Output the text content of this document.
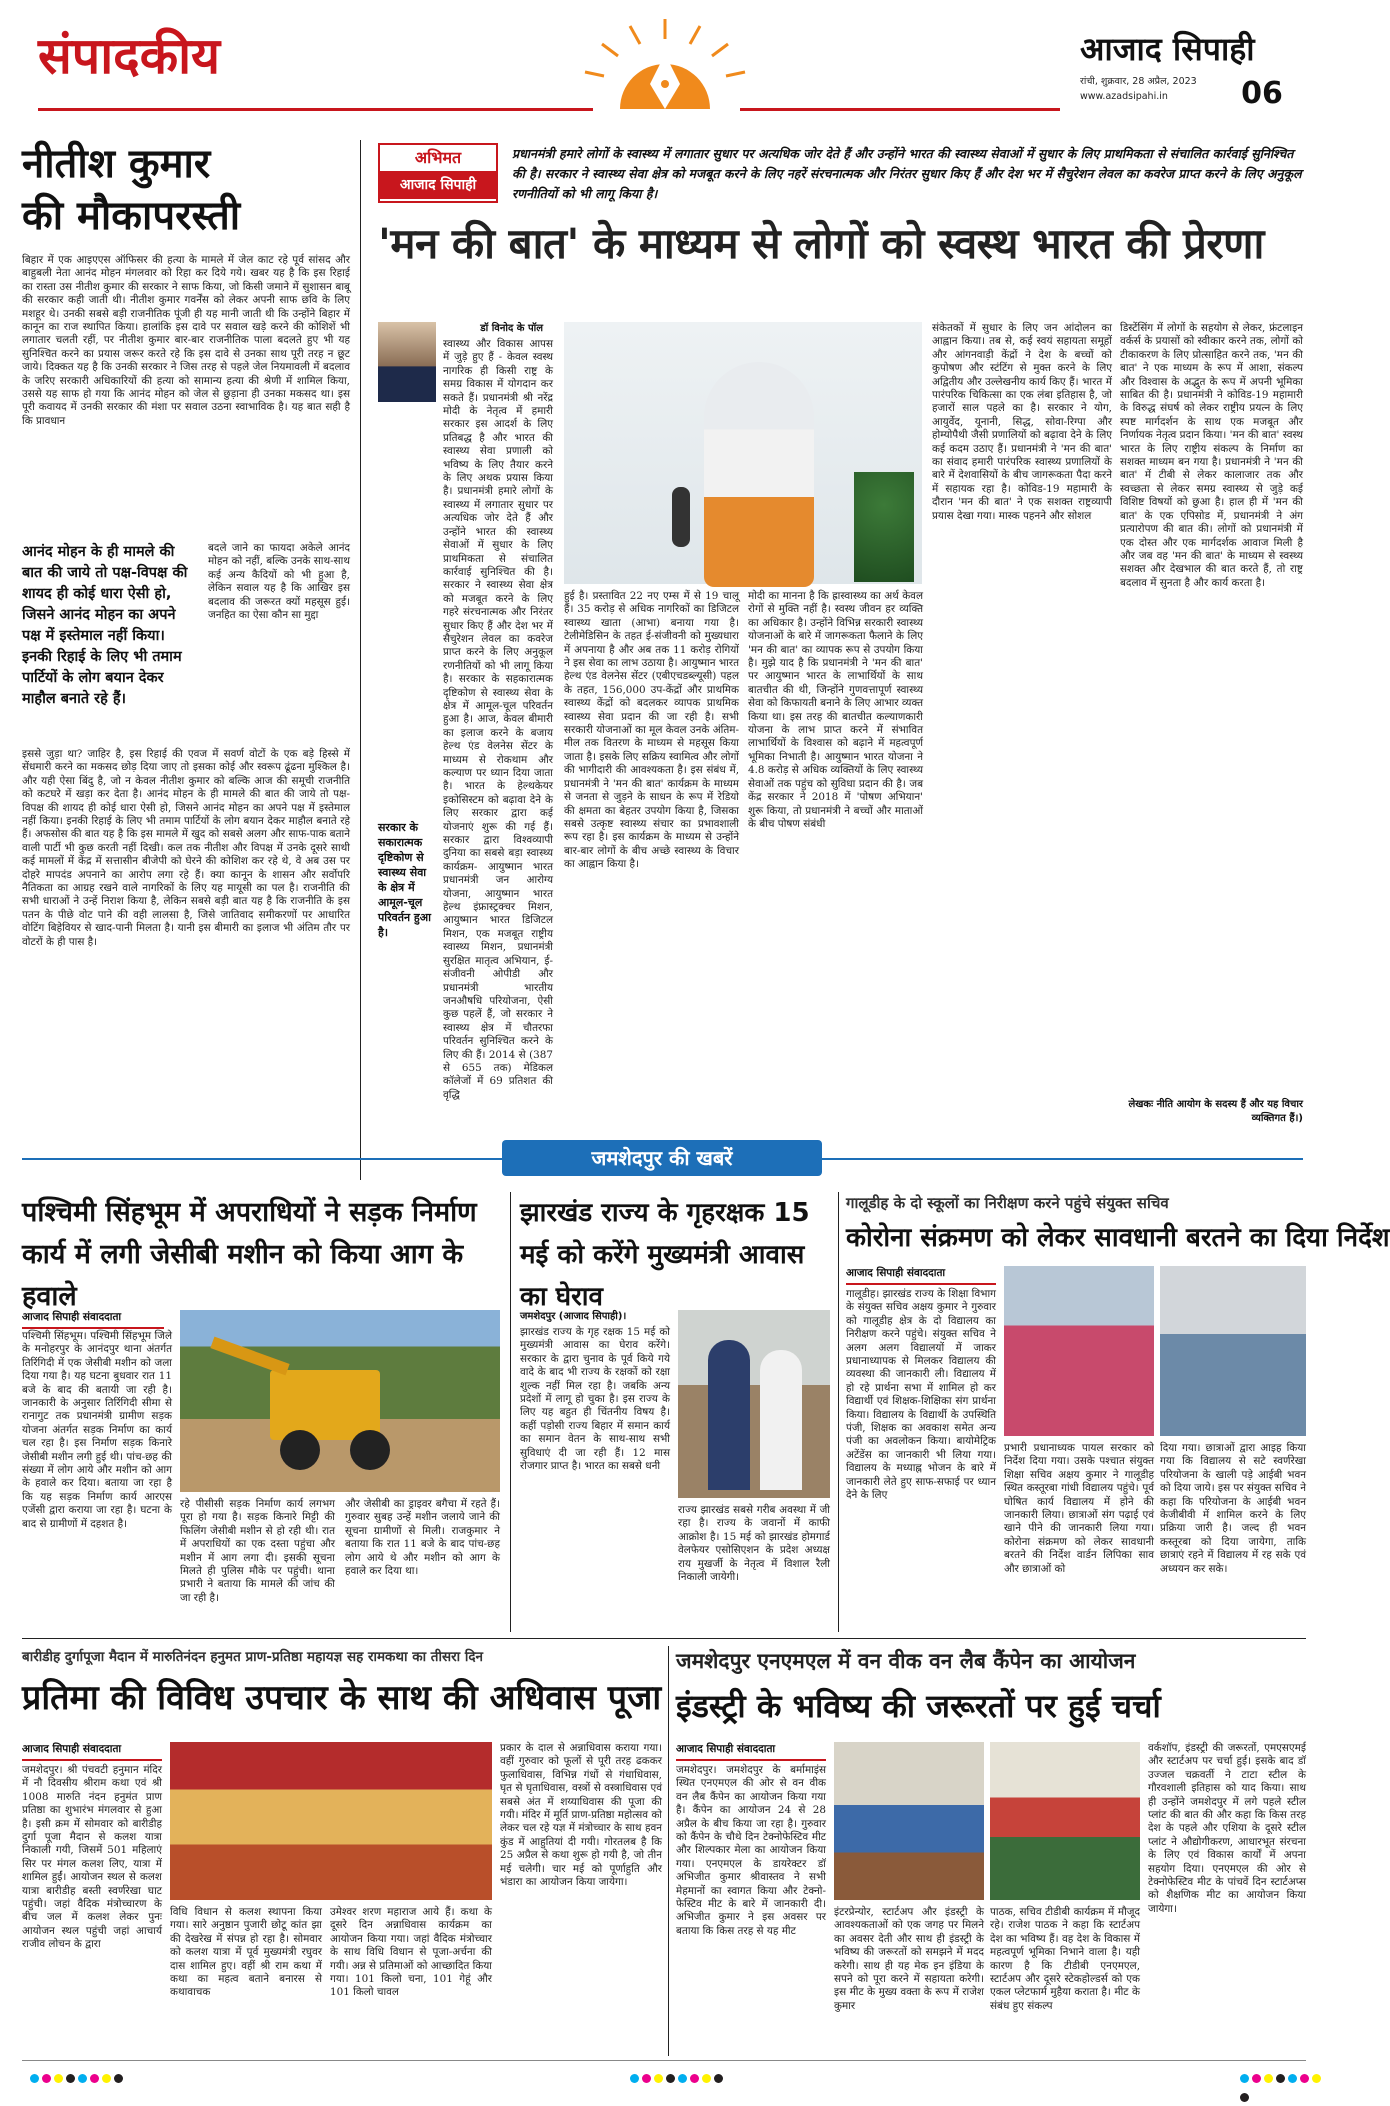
संपादकीय	आजाद सिपाही
रांची, शुक्रवार, 28 अप्रैल, 2023
www.azadsipahi.in 06
नीतीश कुमार
की मौकापरस्ती
बिहार में एक आइएएस ऑफिसर की हत्या के मामले में जेल काट रहे पूर्व सांसद और बाहुबली नेता आनंद मोहन मंगलवार को रिहा कर दिये गये। खबर यह है कि इस रिहाई का रास्ता उस नीतीश कुमार की सरकार ने साफ किया, जो किसी जमाने में सुशासन बाबू की सरकार कही जाती थी। नीतीश कुमार गवर्नेंस को लेकर अपनी साफ छवि के लिए मशहूर थे। उनकी सबसे बड़ी राजनीतिक पूंजी ही यह मानी जाती थी कि उन्होंने बिहार में कानून का राज स्थापित किया। हालांकि इस दावे पर सवाल खड़े करने की कोशिशें भी लगातार चलती रहीं, पर नीतीश कुमार बार-बार राजनीतिक पाला बदलते हुए भी यह सुनिश्चित करने का प्रयास जरूर करते रहे कि इस दावे से उनका साथ पूरी तरह न छूट जाये। दिक्कत यह है कि उनकी सरकार ने जिस तरह से पहले जेल नियमावली में बदलाव के जरिए सरकारी अधिकारियों की हत्या को सामान्य हत्या की श्रेणी में शामिल किया, उससे यह साफ हो गया कि आनंद मोहन को जेल से छुड़ाना ही उनका मकसद था। इस पूरी कवायद में उनकी सरकार की मंशा पर सवाल उठना स्वाभाविक है। यह बात सही है कि प्रावधान
आनंद मोहन के ही मामले की बात की जाये तो पक्ष-विपक्ष की शायद ही कोई धारा ऐसी हो, जिसने आनंद मोहन का अपने पक्ष में इस्तेमाल नहीं किया। इनकी रिहाई के लिए भी तमाम पार्टियों के लोग बयान देकर माहौल बनाते रहे हैं।
बदले जाने का फायदा अकेले आनंद मोहन को नहीं, बल्कि उनके साथ-साथ कई अन्य कैदियों को भी हुआ है, लेकिन सवाल यह है कि आखिर इस बदलाव की जरूरत क्यों महसूस हुई। जनहित का ऐसा कौन सा मुद्दा
इससे जुड़ा था? जाहिर है, इस रिहाई की एवज में सवर्ण वोटों के एक बड़े हिस्से में सेंधमारी करने का मकसद छोड़ दिया जाए तो इसका कोई और स्वरूप ढूंढना मुश्किल है। और यही ऐसा बिंदु है, जो न केवल नीतीश कुमार को बल्कि आज की समूची राजनीति को कटघरे में खड़ा कर देता है। आनंद मोहन के ही मामले की बात की जाये तो पक्ष-विपक्ष की शायद ही कोई धारा ऐसी हो, जिसने आनंद मोहन का अपने पक्ष में इस्तेमाल नहीं किया। इनकी रिहाई के लिए भी तमाम पार्टियों के लोग बयान देकर माहौल बनाते रहे हैं। अफसोस की बात यह है कि इस मामले में खुद को सबसे अलग और साफ-पाक बताने वाली पार्टी भी कुछ करती नहीं दिखी। कल तक नीतीश और विपक्ष में उनके दूसरे साथी कई मामलों में केंद्र में सत्तासीन बीजेपी को घेरने की कोशिश कर रहे थे, वे अब उस पर दोहरे मापदंड अपनाने का आरोप लगा रहे हैं। क्या कानून के शासन और सर्वोपरि नैतिकता का आग्रह रखने वाले नागरिकों के लिए यह मायूसी का पल है। राजनीति की सभी धाराओं ने उन्हें निराश किया है, लेकिन सबसे बड़ी बात यह है कि राजनीति के इस पतन के पीछे वोट पाने की वही लालसा है, जिसे जातिवाद समीकरणों पर आधारित वोटिंग बिहेवियर से खाद-पानी मिलता है। यानी इस बीमारी का इलाज भी अंतिम तौर पर वोटरों के ही पास है।
अभिमत
आजाद सिपाही
प्रधानमंत्री हमारे लोगों के स्वास्थ्य में लगातार सुधार पर अत्यधिक जोर देते हैं और उन्होंने भारत की स्वास्थ्य सेवाओं में सुधार के लिए प्राथमिकता से संचालित कार्रवाई सुनिश्चित की है। सरकार ने स्वास्थ्य सेवा क्षेत्र को मजबूत करने के लिए नहरें संरचनात्मक और निरंतर सुधार किए हैं और देश भर में सैचुरेशन लेवल का कवरेज प्राप्त करने के लिए अनुकूल रणनीतियों को भी लागू किया है।
'मन की बात' के माध्यम से लोगों को स्वस्थ भारत की प्रेरणा
डॉ विनोद के पॉल
स्वास्थ्य और विकास आपस में जुड़े हुए हैं - केवल स्वस्थ नागरिक ही किसी राष्ट्र के समग्र विकास में योगदान कर सकते हैं। प्रधानमंत्री श्री नरेंद्र मोदी के नेतृत्व में हमारी सरकार इस आदर्श के लिए प्रतिबद्ध है और भारत की स्वास्थ्य सेवा प्रणाली को भविष्य के लिए तैयार करने के लिए अथक प्रयास किया है। प्रधानमंत्री हमारे लोगों के स्वास्थ्य में लगातार सुधार पर अत्यधिक जोर देते हैं और उन्होंने भारत की स्वास्थ्य सेवाओं में सुधार के लिए प्राथमिकता से संचालित कार्रवाई सुनिश्चित की है। सरकार ने स्वास्थ्य सेवा क्षेत्र को मजबूत करने के लिए गहरे संरचनात्मक और निरंतर सुधार किए हैं और देश भर में सैचुरेशन लेवल का कवरेज प्राप्त करने के लिए अनुकूल रणनीतियों को भी लागू किया है। सरकार के सहकारात्मक दृष्टिकोण से स्वास्थ्य सेवा के क्षेत्र में आमूल-चूल परिवर्तन हुआ है। आज, केवल बीमारी का इलाज करने के बजाय हेल्थ एंड वेलनेस सेंटर के माध्यम से रोकथाम और कल्याण पर ध्यान दिया जाता है। भारत के हेल्थकेयर इकोसिस्टम को बढ़ावा देने के लिए सरकार द्वारा कई योजनाएं शुरू की गई हैं। सरकार द्वारा विश्वव्यापी दुनिया का सबसे बड़ा स्वास्थ्य कार्यक्रम- आयुष्मान भारत प्रधानमंत्री जन आरोग्य योजना, आयुष्मान भारत हेल्थ इंफ्रास्ट्रक्चर मिशन, आयुष्मान भारत डिजिटल मिशन, एक मजबूत राष्ट्रीय स्वास्थ्य मिशन, प्रधानमंत्री सुरक्षित मातृत्व अभियान, ई-संजीवनी ओपीडी और प्रधानमंत्री भारतीय जनऔषधि परियोजना, ऐसी कुछ पहलें हैं, जो सरकार ने स्वास्थ्य क्षेत्र में चौतरफा परिवर्तन सुनिश्चित करने के लिए की हैं। 2014 से (387 से 655 तक) मेडिकल कॉलेजों में 69 प्रतिशत की वृद्धि
सरकार के सकारात्मक दृष्टिकोण से स्वास्थ्य सेवा के क्षेत्र में आमूल-चूल परिवर्तन हुआ है।
हुई है। प्रस्तावित 22 नए एम्स में से 19 चालू हैं। 35 करोड़ से अधिक नागरिकों का डिजिटल स्वास्थ्य खाता (आभा) बनाया गया है। टेलीमेडिसिन के तहत ई-संजीवनी को मुख्यधारा में अपनाया है और अब तक 11 करोड़ रोगियों ने इस सेवा का लाभ उठाया है। आयुष्मान भारत हेल्थ एंड वेलनेस सेंटर (एबीएचडब्ल्यूसी) पहल के तहत, 156,000 उप-केंद्रों और प्राथमिक स्वास्थ्य केंद्रों को बदलकर व्यापक प्राथमिक स्वास्थ्य सेवा प्रदान की जा रही है। सभी सरकारी योजनाओं का मूल केवल उनके अंतिम-मील तक वितरण के माध्यम से महसूस किया जाता है। इसके लिए सक्रिय स्वामित्व और लोगों की भागीदारी की आवश्यकता है। इस संबंध में, प्रधानमंत्री ने 'मन की बात' कार्यक्रम के माध्यम से जनता से जुड़ने के साधन के रूप में रेडियो की क्षमता का बेहतर उपयोग किया है, जिसका सबसे उत्कृष्ट स्वास्थ्य संचार का प्रभावशाली रूप रहा है। इस कार्यक्रम के माध्यम से उन्होंने बार-बार लोगों के बीच अच्छे स्वास्थ्य के विचार का आह्वान किया है।
मोदी का मानना है कि ह्रास्वास्थ्य का अर्थ केवल रोगों से मुक्ति नहीं है। स्वस्थ जीवन हर व्यक्ति का अधिकार है। उन्होंने विभिन्न सरकारी स्वास्थ्य योजनाओं के बारे में जागरूकता फैलाने के लिए 'मन की बात' का व्यापक रूप से उपयोग किया है। मुझे याद है कि प्रधानमंत्री ने 'मन की बात' पर आयुष्मान भारत के लाभार्थियों के साथ बातचीत की थी, जिन्होंने गुणवत्तापूर्ण स्वास्थ्य सेवा को किफायती बनाने के लिए आभार व्यक्त किया था। इस तरह की बातचीत कल्याणकारी योजना के लाभ प्राप्त करने में संभावित लाभार्थियों के विश्वास को बढ़ाने में महत्वपूर्ण भूमिका निभाती है। आयुष्मान भारत योजना ने 4.8 करोड़ से अधिक व्यक्तियों के लिए स्वास्थ्य सेवाओं तक पहुंच को सुविधा प्रदान की है। जब केंद्र सरकार ने 2018 में 'पोषण अभियान' शुरू किया, तो प्रधानमंत्री ने बच्चों और माताओं के बीच पोषण संबंधी
संकेतकों में सुधार के लिए जन आंदोलन का आह्वान किया। तब से, कई स्वयं सहायता समूहों और आंगनवाड़ी केंद्रों ने देश के बच्चों को कुपोषण और स्टंटिंग से मुक्त करने के लिए अद्वितीय और उल्लेखनीय कार्य किए हैं। भारत में पारंपरिक चिकित्सा का एक लंबा इतिहास है, जो हजारों साल पहले का है। सरकार ने योग, आयुर्वेद, यूनानी, सिद्ध, सोवा-रिग्पा और होम्योपैथी जैसी प्रणालियों को बढ़ावा देने के लिए कई कदम उठाए हैं। प्रधानमंत्री ने 'मन की बात' का संवाद हमारी पारंपरिक स्वास्थ्य प्रणालियों के बारे में देशवासियों के बीच जागरूकता पैदा करने में सहायक रहा है। कोविड-19 महामारी के दौरान 'मन की बात' ने एक सशक्त राष्ट्रव्यापी प्रयास देखा गया। मास्क पहनने और सोशल
डिस्टेंसिंग में लोगों के सहयोग से लेकर, फ्रंटलाइन वर्कर्स के प्रयासों को स्वीकार करने तक, लोगों को टीकाकरण के लिए प्रोत्साहित करने तक, 'मन की बात' ने एक माध्यम के रूप में आशा, संकल्प और विश्वास के अद्भुत के रूप में अपनी भूमिका साबित की है। प्रधानमंत्री ने कोविड-19 महामारी के विरुद्ध संघर्ष को लेकर राष्ट्रीय प्रयत्न के लिए स्पष्ट मार्गदर्शन के साथ एक मजबूत और निर्णायक नेतृत्व प्रदान किया। 'मन की बात' स्वस्थ भारत के लिए राष्ट्रीय संकल्प के निर्माण का सशक्त माध्यम बन गया है। प्रधानमंत्री ने 'मन की बात' में टीबी से लेकर कालाजार तक और स्वच्छता से लेकर समग्र स्वास्थ्य से जुड़े कई विशिष्ट विषयों को छुआ है। हाल ही में 'मन की बात' के एक एपिसोड में, प्रधानमंत्री ने अंग प्रत्यारोपण की बात की। लोगों को प्रधानमंत्री में एक दोस्त और एक मार्गदर्शक आवाज मिली है और जब वह 'मन की बात' के माध्यम से स्वस्थ्य सशक्त और देखभाल की बात करते हैं, तो राष्ट्र बदलाव में सुनता है और कार्य करता है।
लेखकः नीति आयोग के सदस्य हैं और यह विचार व्यक्तिगत हैं।)
जमशेदपुर की खबरें
पश्चिमी सिंहभूम में अपराधियों ने सड़क निर्माण कार्य में लगी जेसीबी मशीन को किया आग के हवाले
आजाद सिपाही संवाददाता
पश्चिमी सिंहभूम। पश्चिमी सिंहभूम जिले के मनोहरपुर के आनंदपुर थाना अंतर्गत तिरिंगिदी में एक जेसीबी मशीन को जला दिया गया है। यह घटना बुधवार रात 11 बजे के बाद की बतायी जा रही है। जानकारी के अनुसार तिरिंगिदी सीमा से रानागुट तक प्रधानमंत्री ग्रामीण सड़क योजना अंतर्गत सड़क निर्माण का कार्य चल रहा है। इस निर्माण सड़क किनारे जेसीबी मशीन लगी हुई थी। पांच-छह की संख्या में लोग आये और मशीन को आग के हवाले कर दिया। बताया जा रहा है कि यह सड़क निर्माण कार्य आरएस एजेंसी द्वारा कराया जा रहा है। घटना के बाद से ग्रामीणों में दहशत है।
रहे पीसीसी सड़क निर्माण कार्य लगभग पूरा हो गया है। सड़क किनारे मिट्टी की फिलिंग जेसीबी मशीन से हो रही थी। रात में अपराधियों का एक दस्ता पहुंचा और मशीन में आग लगा दी। इसकी सूचना मिलते ही पुलिस मौके पर पहुंची। थाना प्रभारी ने बताया कि मामले की जांच की जा रही है।
और जेसीबी का ड्राइवर बगैचा में रहते हैं। गुरुवार सुबह उन्हें मशीन जलाये जाने की सूचना ग्रामीणों से मिली। राजकुमार ने बताया कि रात 11 बजे के बाद पांच-छह लोग आये थे और मशीन को आग के हवाले कर दिया था।
झारखंड राज्य के गृहरक्षक 15 मई को करेंगे मुख्यमंत्री आवास का घेराव
जमशेदपुर (आजाद सिपाही)।
झारखंड राज्य के गृह रक्षक 15 मई को मुख्यमंत्री आवास का घेराव करेंगे। सरकार के द्वारा चुनाव के पूर्व किये गये वादे के बाद भी राज्य के रक्षकों को रक्षा शुल्क नहीं मिल रहा है। जबकि अन्य प्रदेशों में लागू हो चुका है। इस राज्य के लिए यह बहुत ही चिंतनीय विषय है। कहीं पड़ोसी राज्य बिहार में समान कार्य का समान वेतन के साथ-साथ सभी सुविधाएं दी जा रही हैं। 12 मास रोजगार प्राप्त है। भारत का सबसे धनी
राज्य झारखंड सबसे गरीब अवस्था में जी रहा है। राज्य के जवानों में काफी आक्रोश है। 15 मई को झारखंड होमगार्ड वेलफेयर एसोसिएशन के प्रदेश अध्यक्ष राय मुखर्जी के नेतृत्व में विशाल रैली निकाली जायेगी।
गालूडीह के दो स्कूलों का निरीक्षण करने पहुंचे संयुक्त सचिव
कोरोना संक्रमण को लेकर सावधानी बरतने का दिया निर्देश
आजाद सिपाही संवाददाता
गालूडीह। झारखंड राज्य के शिक्षा विभाग के संयुक्त सचिव अक्षय कुमार ने गुरुवार को गालूडीह क्षेत्र के दो विद्यालय का निरीक्षण करने पहुंचे। संयुक्त सचिव ने अलग अलग विद्यालयों में जाकर प्रधानाध्यापक से मिलकर विद्यालय की व्यवस्था की जानकारी ली। विद्यालय में हो रहे प्रार्थना सभा में शामिल हो कर विद्यार्थी एवं शिक्षक-शिक्षिका संग प्रार्थना किया। विद्यालय के विद्यार्थी के उपस्थिति पंजी, शिक्षक का अवकाश समेत अन्य पंजी का अवलोकन किया। बायोमेट्रिक अटेंडेंस का जानकारी भी लिया गया। विद्यालय के मध्याह्न भोजन के बारे में जानकारी लेते हुए साफ-सफाई पर ध्यान देने के लिए
प्रभारी प्रधानाध्यक पायल सरकार को निर्देश दिया गया। उसके पश्चात संयुक्त शिक्षा सचिव अक्षय कुमार ने गालूडीह स्थित कस्तूरबा गांधी विद्यालय पहुंचे। पूर्व घोषित कार्य विद्यालय में होने की जानकारी लिया। छात्राओं संग पढ़ाई एवं खाने पीने की जानकारी लिया गया। कोरोना संक्रमण को लेकर सावधानी बरतने की निर्देश वार्डन लिपिका साव और छात्राओं को
दिया गया। छात्राओं द्वारा आइह किया गया कि विद्यालय से सटे स्वर्णरेखा परियोजना के खाली पड़े आईबी भवन को दिया जाये। इस पर संयुक्त सचिव ने कहा कि परियोजना के आईबी भवन केजीबीवी में शामिल करने के लिए प्रक्रिया जारी है। जल्द ही भवन कस्तूरबा को दिया जायेगा, ताकि छात्राएं रहने में विद्यालय में रह सके एवं अध्ययन कर सके।
बारीडीह दुर्गापूजा मैदान में मारुतिनंदन हनुमत प्राण-प्रतिष्ठा महायज्ञ सह रामकथा का तीसरा दिन
प्रतिमा की विविध उपचार के साथ की अधिवास पूजा
आजाद सिपाही संवाददाता
जमशेदपुर। श्री पंचवटी हनुमान मंदिर में नौ दिवसीय श्रीराम कथा एवं श्री 1008 मारुति नंदन हनुमंत प्राण प्रतिष्ठा का शुभारंभ मंगलवार से हुआ है। इसी क्रम में सोमवार को बारीडीह दुर्गा पूजा मैदान से कलश यात्रा निकाली गयी, जिसमें 501 महिलाएं सिर पर मंगल कलश लिए, यात्रा में शामिल हुईं। आयोजन स्थल से कलश यात्रा बारीडीह बस्ती स्वर्णरेखा घाट पहुंची। जहां वैदिक मंत्रोच्चारण के बीच जल में कलश लेकर पुनः आयोजन स्थल पहुंची जहां आचार्य राजीव लोचन के द्वारा
विधि विधान से कलश स्थापना किया गया। सारे अनुष्ठान पुजारी छोटू कांत झा की देखरेख में संपन्न हो रहा है। सोमवार को कलश यात्रा में पूर्व मुख्यमंत्री रघुवर दास शामिल हुए। वहीं श्री राम कथा में कथा का महत्व बताने बनारस से कथावाचक
उमेश्वर शरण महाराज आये हैं। कथा के दूसरे दिन अन्नाधिवास कार्यक्रम का आयोजन किया गया। जहां वैदिक मंत्रोच्चार के साथ विधि विधान से पूजा-अर्चना की गयी। अन्न से प्रतिमाओं को आच्छादित किया गया। 101 किलो चना, 101 गेहूं और 101 किलो चावल
प्रकार के दाल से अन्नाधिवास कराया गया। वहीं गुरुवार को फूलों से पूरी तरह ढककर फुलाधिवास, विभिन्न गंधों से गंधाधिवास, घृत से घृताधिवास, वस्त्रों से वस्त्राधिवास एवं सबसे अंत में शय्याधिवास की पूजा की गयी। मंदिर में मूर्ति प्राण-प्रतिष्ठा महोत्सव को लेकर चल रहे यज्ञ में मंत्रोच्चार के साथ हवन कुंड में आहुतियां दी गयी। गोरतलब है कि 25 अप्रैल से कथा शुरू हो गयी है, जो तीन मई चलेगी। चार मई को पूर्णाहुति और भंडारा का आयोजन किया जायेगा।
जमशेदपुर एनएमएल में वन वीक वन लैब कैंपेन का आयोजन
इंडस्ट्री के भविष्य की जरूरतों पर हुई चर्चा
आजाद सिपाही संवाददाता
जमशेदपुर। जमशेदपुर के बर्मामाइंस स्थित एनएमएल की ओर से वन वीक वन लैब कैंपेन का आयोजन किया गया है। कैंपेन का आयोजन 24 से 28 अप्रैल के बीच किया जा रहा है। गुरुवार को कैंपेन के चौथे दिन टेक्नोफेस्टिव मीट और शिल्पकार मेला का आयोजन किया गया। एनएमएल के डायरेक्टर डॉ अभिजीत कुमार श्रीवास्तव ने सभी मेहमानों का स्वागत किया और टेक्नो-फेस्टिव मीट के बारे में जानकारी दी। अभिजीत कुमार ने इस अवसर पर बताया कि किस तरह से यह मीट
इंटरप्रेन्योर, स्टार्टअप और इंडस्ट्री के आवश्यकताओं को एक जगह पर मिलने का अवसर देती और साथ ही इंडस्ट्री के भविष्य की जरूरतों को समझने में मदद करेगी। साथ ही यह मेक इन इंडिया के सपने को पूरा करने में सहायता करेगी। इस मीट के मुख्य वक्ता के रूप में राजेश कुमार
पाठक, सचिव टीडीबी कार्यक्रम में मौजूद रहे। राजेश पाठक ने कहा कि स्टार्टअप देश का भविष्य हैं। वह देश के विकास में महत्वपूर्ण भूमिका निभाने वाला है। यही कारण है कि टीडीबी एनएमएल, स्टार्टअप और दूसरे स्टेकहोल्डर्स को एक एकल प्लेटफार्म मुहैया कराता है। मीट के संबंध हुए संकल्प
वर्कशॉप, इंडस्ट्री की जरूरतों, एमएसएमई और स्टार्टअप पर चर्चा हुई। इसके बाद डॉ उज्जल चक्रवर्ती ने टाटा स्टील के गौरवशाली इतिहास को याद किया। साथ ही उन्होंने जमशेदपुर में लगे पहले स्टील प्लांट की बात की और कहा कि किस तरह देश के पहले और एशिया के दूसरे स्टील प्लांट ने औद्योगीकरण, आधारभूत संरचना के लिए एवं विकास कार्यों में अपना सहयोग दिया। एनएमएल की ओर से टेक्नोफेस्टिव मीट के पांचवें दिन स्टार्टअप्स को शैक्षणिक मीट का आयोजन किया जायेगा।
